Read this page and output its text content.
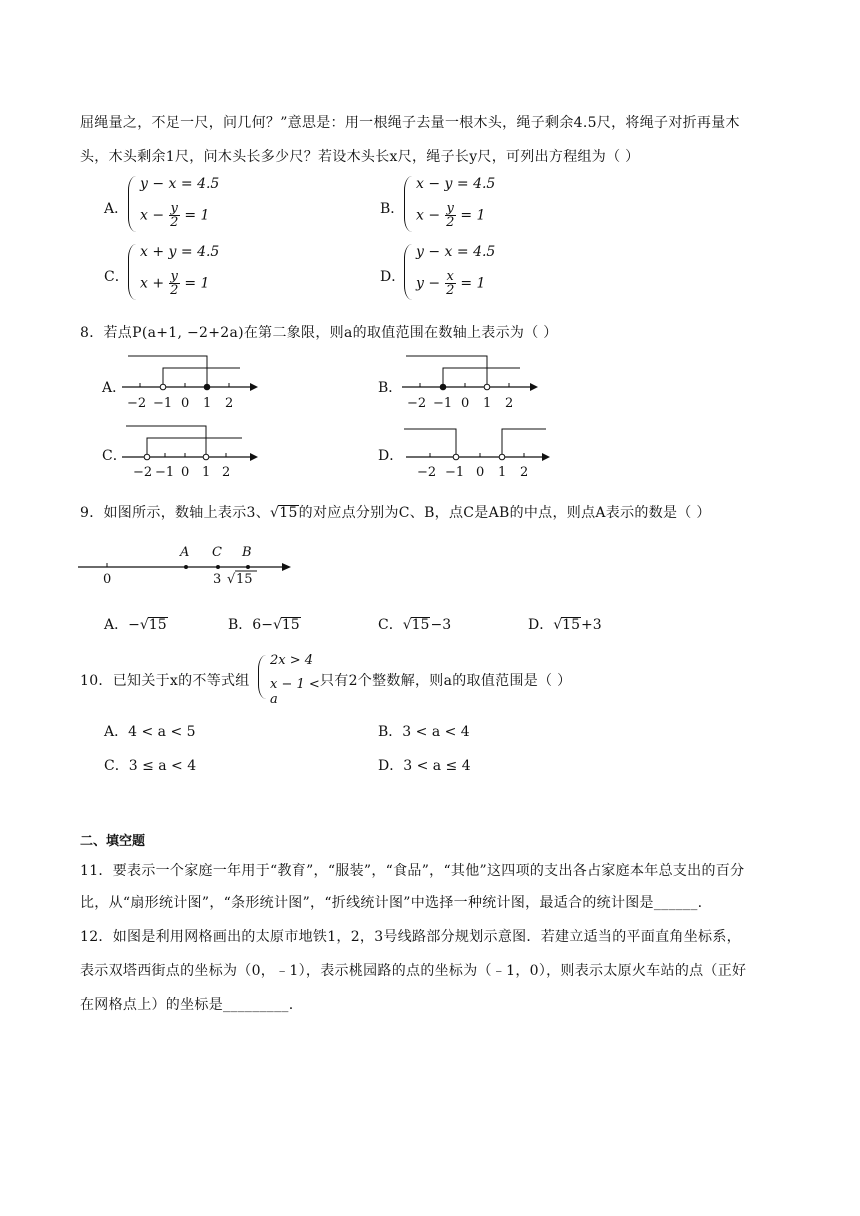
屈绳量之，不足一尺，问几何？”意思是：用一根绳子去量一根木头，绳子剩余4.5尺，将绳子对折再量木
头，木头剩余1尺，问木头长多少尺？若设木头长x尺，绳子长y尺，可列出方程组为（ ）
A．
y − x = 4.5
$x - \frac{y}{2} = 1$	B．
x − y = 4.5
$x - \frac{y}{2} = 1$
C．
x + y = 4.5
$x + \frac{y}{2} = 1$	D．
y − x = 4.5
$y - \frac{x}{2} = 1$
8．若点P(a+1, −2+2a)在第二象限，则a的取值范围在数轴上表示为（ ）
A．
−2 −1 0 1 2
B．
−2 −1 0 1 2
C．
−2 −1 0 1 2
D．
−2 −1 0 1 2
9．如图所示，数轴上表示3、√15的对应点分别为C、B，点C是AB的中点，则点A表示的数是（ ）
A C B
0	3 √ 15
A．−√15	B．6−√15	C．√15−3	D．√15+3
10．已知关于x的不等式组
2x > 4
x − 1 < a
只有2个整数解，则a的取值范围是（ ）
A．4 < a < 5	B．3 < a < 4
C．3 ≤ a < 4	D．3 < a ≤ 4
二、填空题
11．要表示一个家庭一年用于“教育”，“服装”，“食品”，“其他”这四项的支出各占家庭本年总支出的百分
比，从“扇形统计图”，“条形统计图”，“折线统计图”中选择一种统计图，最适合的统计图是______.
12．如图是利用网格画出的太原市地铁1，2，3号线路部分规划示意图．若建立适当的平面直角坐标系，
表示双塔西街点的坐标为（0，﹣1），表示桃园路的点的坐标为（﹣1，0），则表示太原火车站的点（正好
在网格点上）的坐标是_________.
